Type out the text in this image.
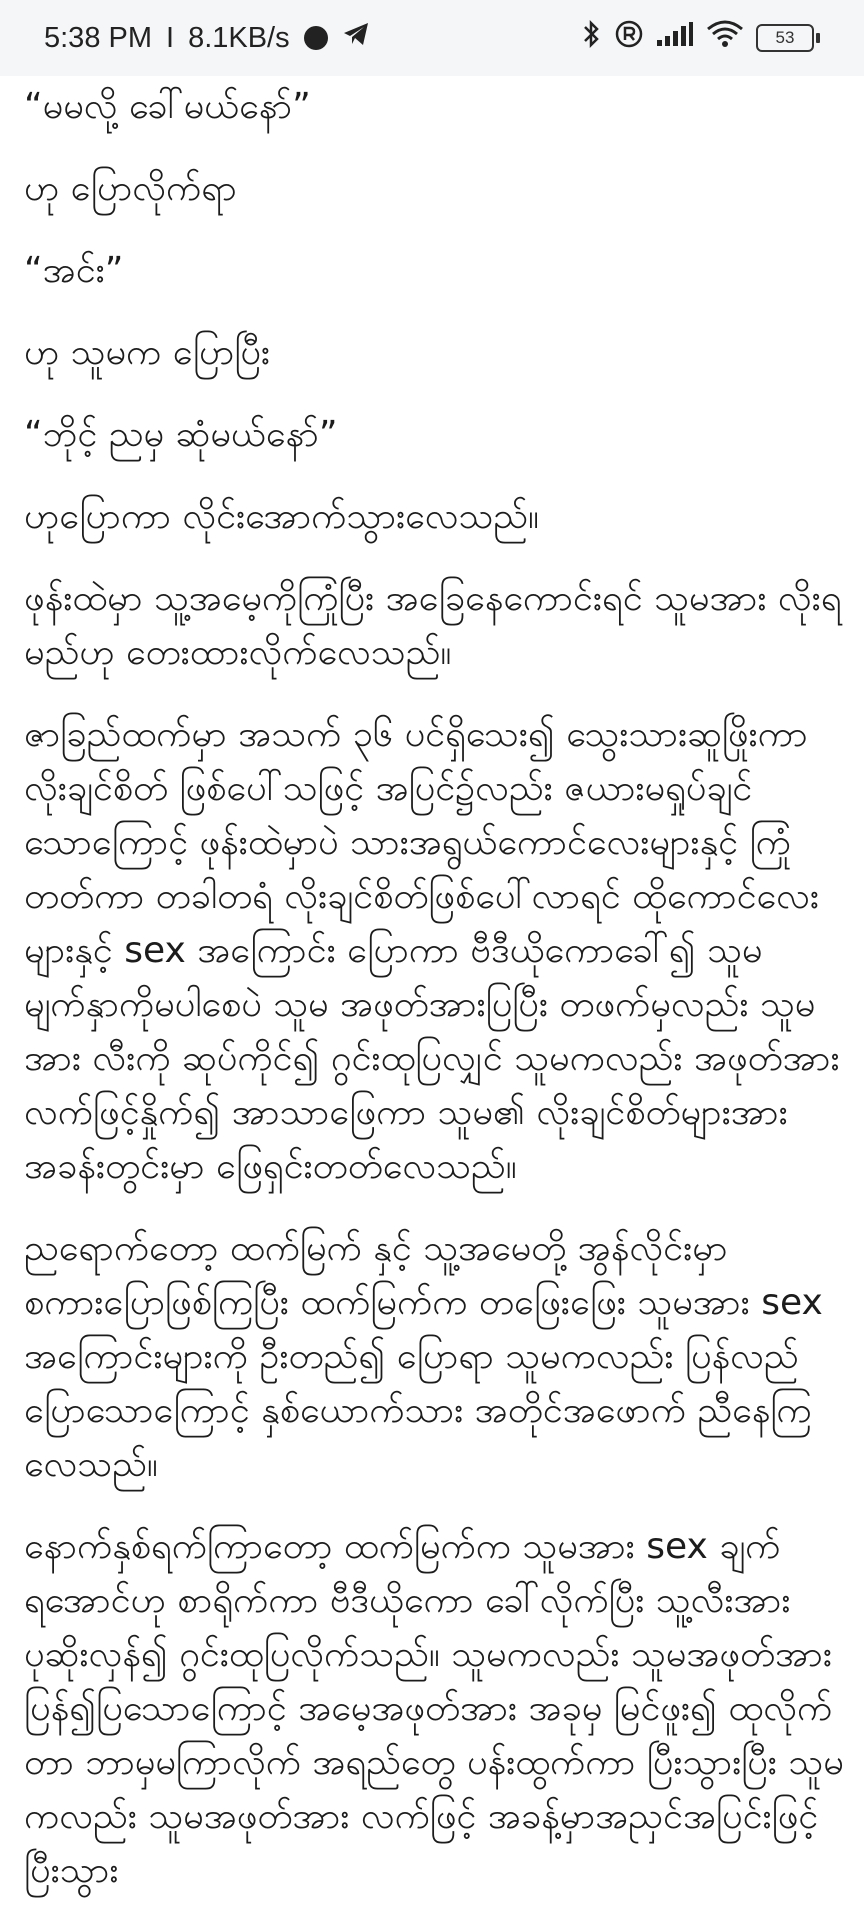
5:38 PM I 8.1KB/s	53

“မမလို့ ခေါ်မယ်နော်”

ဟု ပြောလိုက်ရာ

“အင်း”

ဟု သူမက ပြောပြီး

“ဘိုင့် ညမှ ဆုံမယ်နော်”

ဟုပြောကာ လိုင်းအောက်သွားလေသည်။

ဖုန်းထဲမှာ သူ့အမေ့ကိုကြုံပြီး အခြေနေကောင်းရင် သူမအား လိုးရမည်ဟု တေးထားလိုက်လေသည်။

ဇာခြည်ထက်မှာ အသက် ၃၆ ပင်ရှိသေး၍ သွေးသားဆူဖြိုးကာ လိုးချင်စိတ် ဖြစ်ပေါ်သဖြင့် အပြင်၌လည်း ဇယားမရှုပ်ချင်သောကြောင့် ဖုန်းထဲမှာပဲ သားအရွယ်ကောင်လေးများနှင့် ကြုံတတ်ကာ တခါတရံ လိုးချင်စိတ်ဖြစ်ပေါ်လာရင် ထိုကောင်လေးများနှင့် sex အကြောင်း ပြောကာ ဗီဒီယိုကောခေါ်၍ သူမမျက်နှာကိုမပါစေပဲ သူမ အဖုတ်အားပြပြီး တဖက်မှလည်း သူမအား လီးကို ဆုပ်ကိုင်၍ ဂွင်းထုပြလျှင် သူမကလည်း အဖုတ်အား လက်ဖြင့်နှိုက်၍ အာသာဖြေကာ သူမ၏ လိုးချင်စိတ်များအား အခန်းတွင်းမှာ ဖြေရှင်းတတ်လေသည်။

ညရောက်တော့ ထက်မြက် နှင့် သူ့အမေတို့ အွန်လိုင်းမှာ စကားပြောဖြစ်ကြပြီး ထက်မြက်က တဖြေးဖြေး သူမအား sex အကြောင်းများကို ဦးတည်၍ ပြောရာ သူမကလည်း ပြန်လည်ပြောသောကြောင့် နှစ်ယောက်သား အတိုင်အဖောက် ညီနေကြလေသည်။

နောက်နှစ်ရက်ကြာတော့ ထက်မြက်က သူမအား sex ချက်ရအောင်ဟု စာရိုက်ကာ ဗီဒီယိုကော ခေါ်လိုက်ပြီး သူ့လီးအား ပုဆိုးလှန်၍ ဂွင်းထုပြလိုက်သည်။ သူမကလည်း သူမအဖုတ်အား ပြန်၍ပြသောကြောင့် အမေ့အဖုတ်အား အခုမှ မြင်ဖူး၍ ထုလိုက်တာ ဘာမှမကြာလိုက် အရည်တွေ ပန်းထွက်ကာ ပြီးသွားပြီး သူမကလည်း သူမအဖုတ်အား လက်ဖြင့် အခန့်မှာအညှင်အပြင်းဖြင့်ပြီးသွား
